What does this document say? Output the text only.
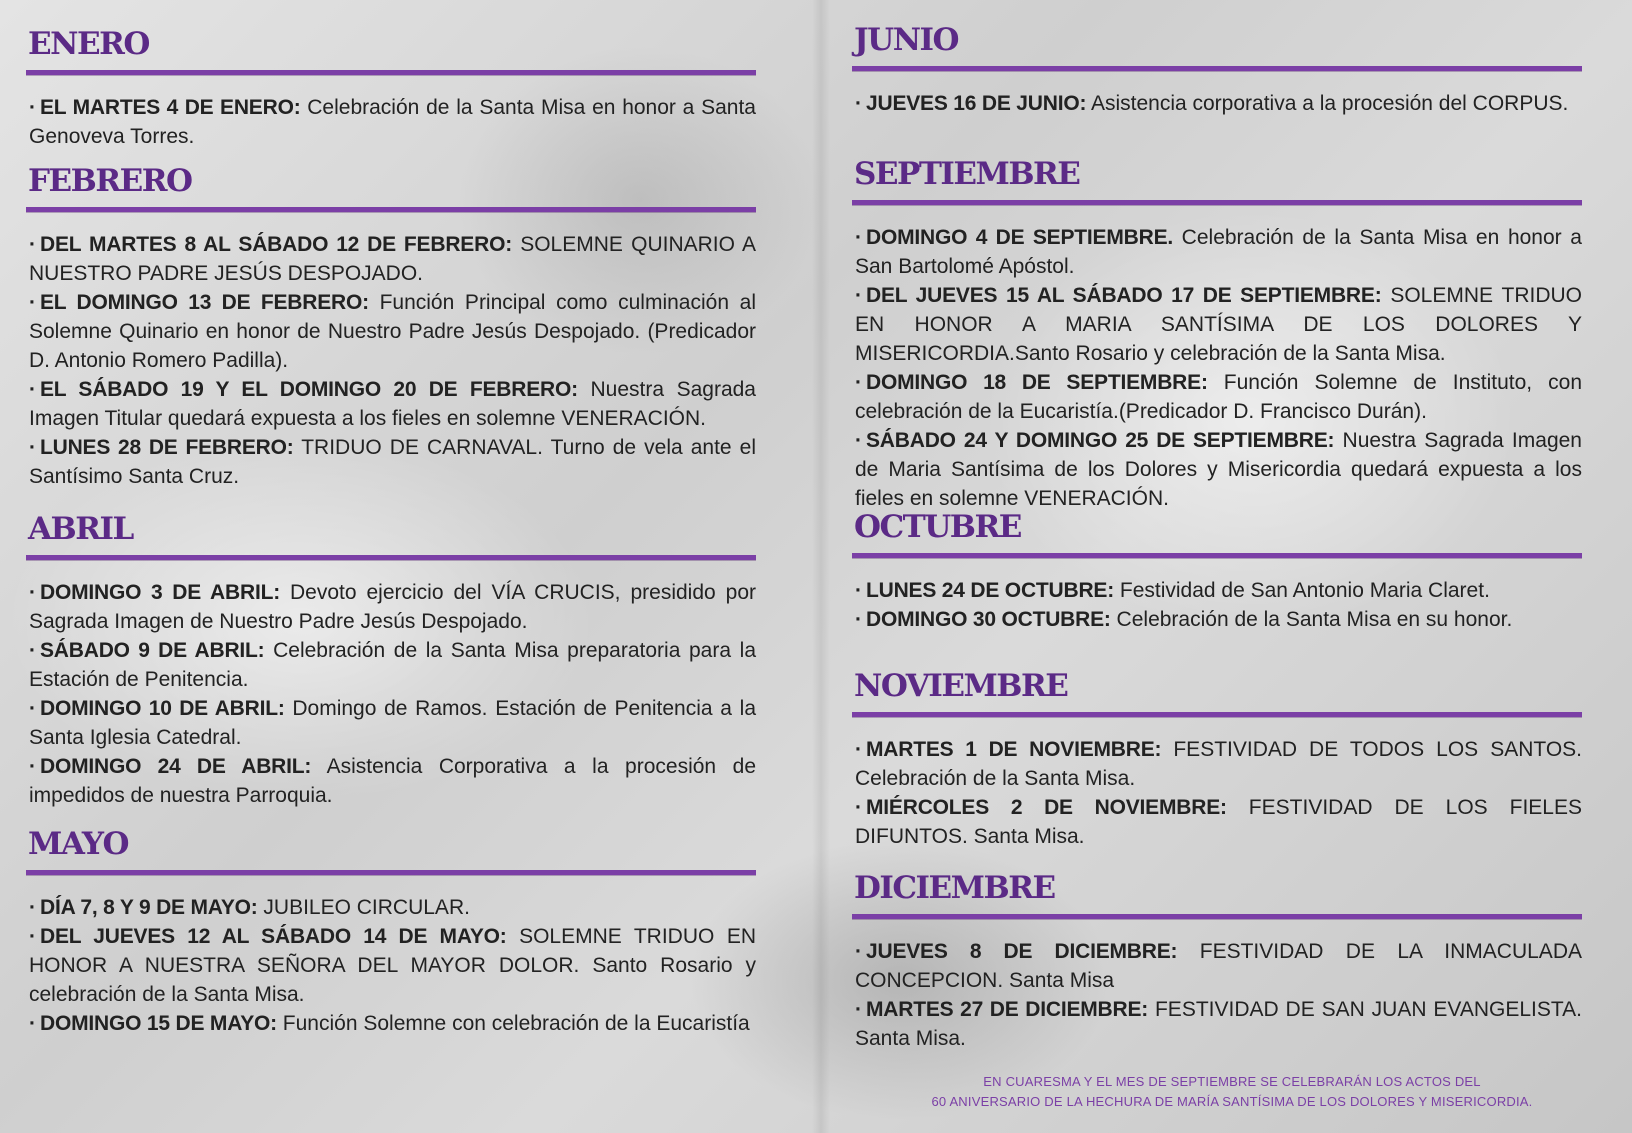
ENERO
· EL MARTES 4 DE ENERO: Celebración de la Santa Misa en honor a Santa Genoveva Torres.
FEBRERO
· DEL MARTES 8 AL SÁBADO 12 DE FEBRERO: SOLEMNE QUINARIO A NUESTRO PADRE JESÚS DESPOJADO.
· EL DOMINGO 13 DE FEBRERO: Función Principal como culminación al Solemne Quinario en honor de Nuestro Padre Jesús Despojado. (Predicador D. Antonio Romero Padilla).
· EL SÁBADO 19 Y EL DOMINGO 20 DE FEBRERO: Nuestra Sagrada Imagen Titular quedará expuesta a los fieles en solemne VENERACIÓN.
· LUNES 28 DE FEBRERO: TRIDUO DE CARNAVAL. Turno de vela ante el Santísimo Santa Cruz.
ABRIL
· DOMINGO 3 DE ABRIL: Devoto ejercicio del VÍA CRUCIS, presidido por Sagrada Imagen de Nuestro Padre Jesús Despojado.
· SÁBADO 9 DE ABRIL: Celebración de la Santa Misa preparatoria para la Estación de Penitencia.
· DOMINGO 10 DE ABRIL: Domingo de Ramos. Estación de Penitencia a la Santa Iglesia Catedral.
· DOMINGO 24 DE ABRIL: Asistencia Corporativa a la procesión de impedidos de nuestra Parroquia.
MAYO
· DÍA 7, 8 Y 9 DE MAYO: JUBILEO CIRCULAR.
· DEL JUEVES 12 AL SÁBADO 14 DE MAYO: SOLEMNE TRIDUO EN HONOR A NUESTRA SEÑORA DEL MAYOR DOLOR. Santo Rosario y celebración de la Santa Misa.
· DOMINGO 15 DE MAYO: Función Solemne con celebración de la Eucaristía
JUNIO
· JUEVES 16 DE JUNIO: Asistencia corporativa a la procesión del CORPUS.
SEPTIEMBRE
· DOMINGO 4 DE SEPTIEMBRE. Celebración de la Santa Misa en honor a San Bartolomé Apóstol.
· DEL JUEVES 15 AL SÁBADO 17 DE SEPTIEMBRE: SOLEMNE TRIDUO EN HONOR A MARIA SANTÍSIMA DE LOS DOLORES Y MISERICORDIA.Santo Rosario y celebración de la Santa Misa.
· DOMINGO 18 DE SEPTIEMBRE: Función Solemne de Instituto, con celebración de la Eucaristía.(Predicador D. Francisco Durán).
· SÁBADO 24 Y DOMINGO 25 DE SEPTIEMBRE: Nuestra Sagrada Imagen de Maria Santísima de los Dolores y Misericordia quedará expuesta a los fieles en solemne VENERACIÓN.
OCTUBRE
· LUNES 24 DE OCTUBRE: Festividad de San Antonio Maria Claret.
· DOMINGO 30 OCTUBRE: Celebración de la Santa Misa en su honor.
NOVIEMBRE
· MARTES 1 DE NOVIEMBRE: FESTIVIDAD DE TODOS LOS SANTOS. Celebración de la Santa Misa.
· MIÉRCOLES 2 DE NOVIEMBRE: FESTIVIDAD DE LOS FIELES DIFUNTOS. Santa Misa.
DICIEMBRE
· JUEVES 8 DE DICIEMBRE: FESTIVIDAD DE LA INMACULADA CONCEPCION. Santa Misa
· MARTES 27 DE DICIEMBRE: FESTIVIDAD DE SAN JUAN EVANGELISTA. Santa Misa.
EN CUARESMA Y EL MES DE SEPTIEMBRE SE CELEBRARÁN LOS ACTOS DEL
60 ANIVERSARIO DE LA HECHURA DE MARÍA SANTÍSIMA DE LOS DOLORES Y MISERICORDIA.
